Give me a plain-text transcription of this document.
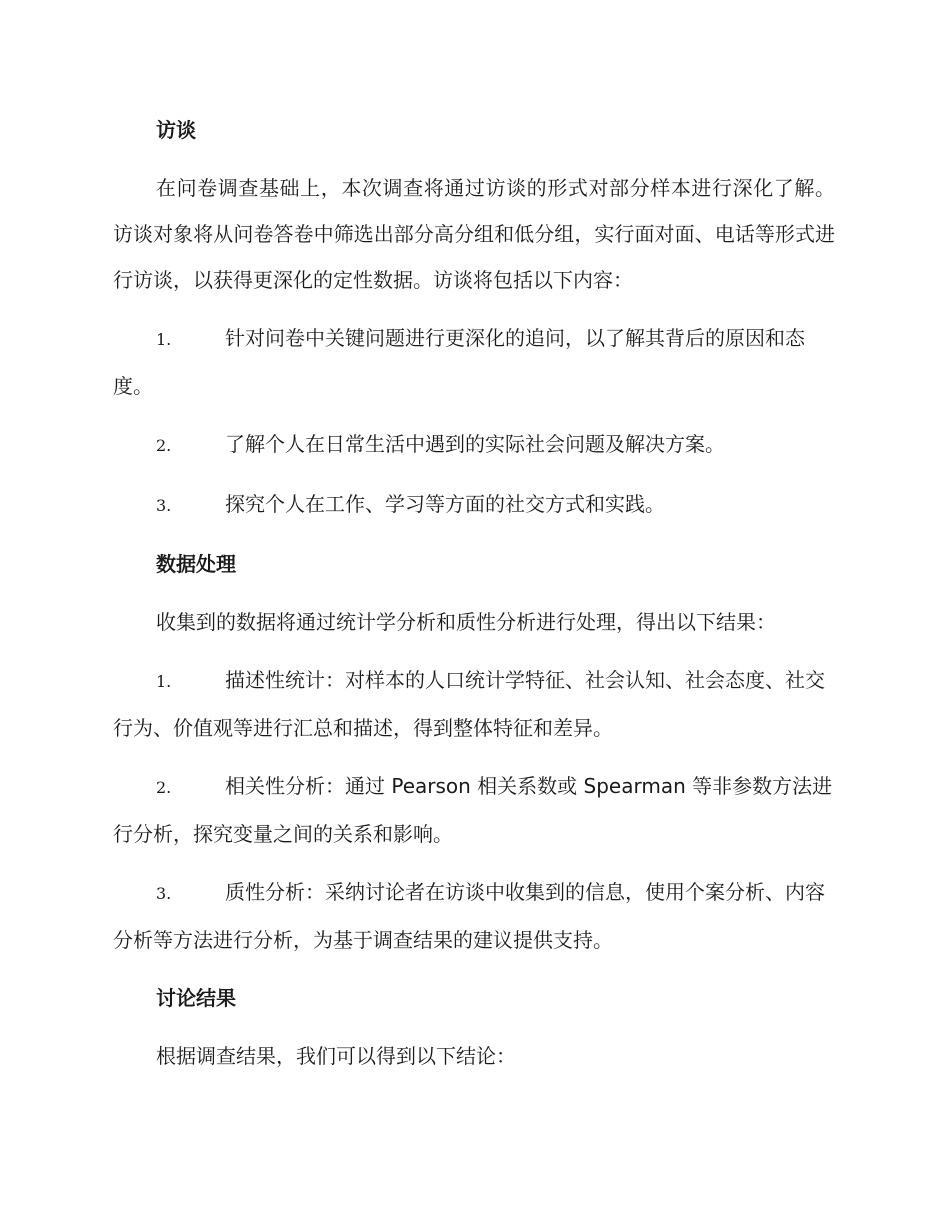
访谈

在问卷调查基础上，本次调查将通过访谈的形式对部分样本进行深化了解。访谈对象将从问卷答卷中筛选出部分高分组和低分组，实行面对面、电话等形式进行访谈，以获得更深化的定性数据。访谈将包括以下内容：

1.	针对问卷中关键问题进行更深化的追问，以了解其背后的原因和态度。

2.	了解个人在日常生活中遇到的实际社会问题及解决方案。

3.	探究个人在工作、学习等方面的社交方式和实践。

数据处理

收集到的数据将通过统计学分析和质性分析进行处理，得出以下结果：

1.	描述性统计：对样本的人口统计学特征、社会认知、社会态度、社交行为、价值观等进行汇总和描述，得到整体特征和差异。

2.	相关性分析：通过 Pearson 相关系数或 Spearman 等非参数方法进行分析，探究变量之间的关系和影响。

3.	质性分析：采纳讨论者在访谈中收集到的信息，使用个案分析、内容分析等方法进行分析，为基于调查结果的建议提供支持。

讨论结果

根据调查结果，我们可以得到以下结论：
